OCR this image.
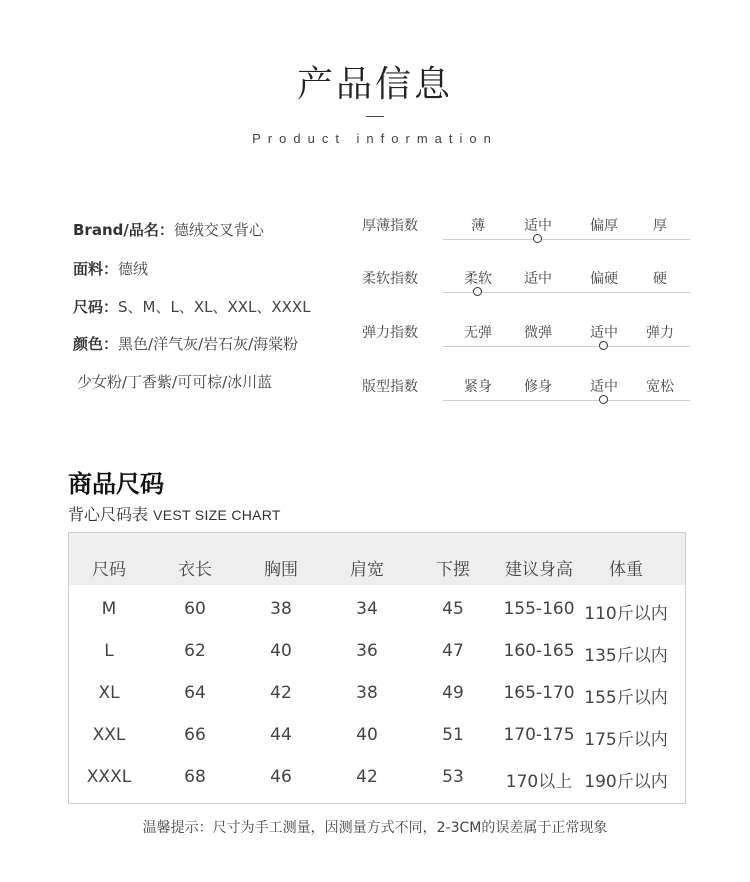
产品信息
Product information
Brand/品名：德绒交叉背心
面料：德绒
尺码：S、M、L、XL、XXL、XXXL
颜色：黑色/洋气灰/岩石灰/海棠粉
少女粉/丁香紫/可可棕/冰川蓝
厚薄指数	薄	适中	偏厚	厚
柔软指数	柔软	适中	偏硬	硬
弹力指数	无弹	微弹	适中	弹力
版型指数	紧身	修身	适中	宽松
商品尺码
背心尺码表 VEST SIZE CHART
尺码	衣长	胸围	肩宽	下摆	建议身高	体重
M	60	38	34	45	155-160 110斤以内
L	62	40	36	47	160-165 135斤以内
XL	64	42	38	49	165-170 155斤以内
XXL	66	44	40	51	170-175 175斤以内
XXXL	68	46	42	53	170以上 190斤以内
温馨提示：尺寸为手工测量，因测量方式不同，2-3CM的误差属于正常现象
